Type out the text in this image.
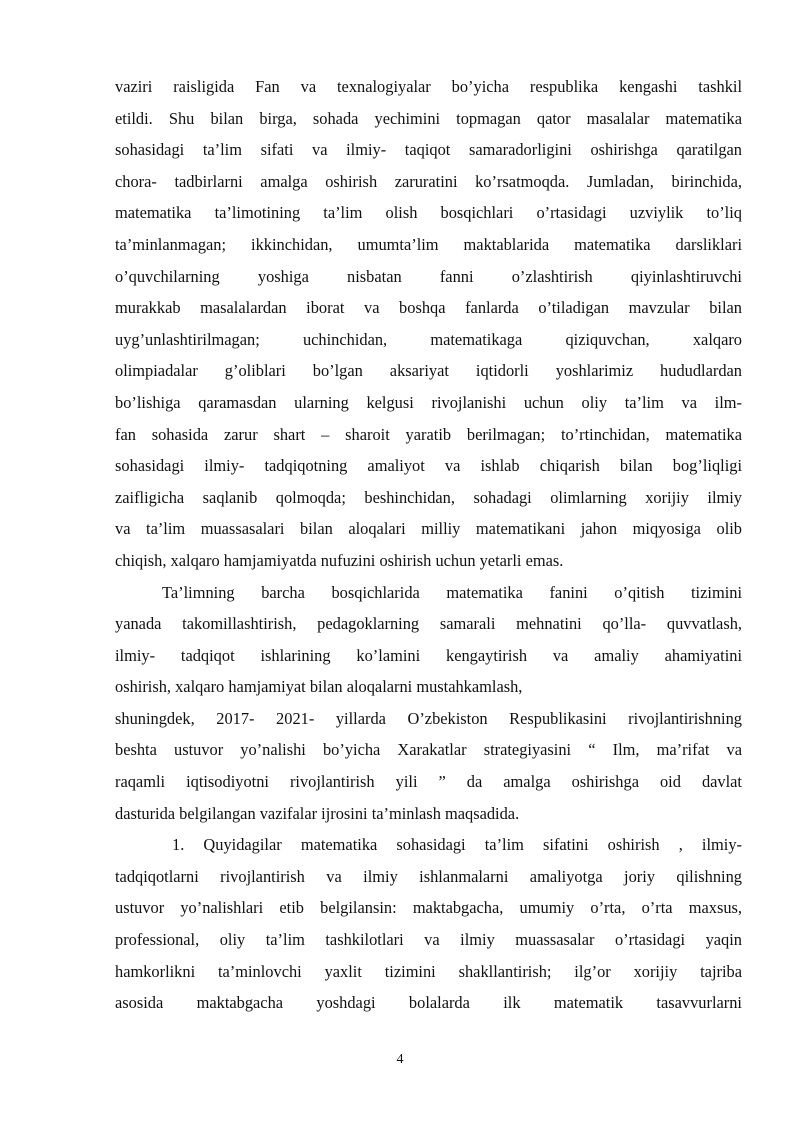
vaziri raisligida Fan va texnalogiyalar bo’yicha respublika kengashi tashkil
etildi. Shu bilan birga, sohada yechimini topmagan qator masalalar matematika
sohasidagi ta’lim sifati va ilmiy- taqiqot samaradorligini oshirishga qaratilgan
chora- tadbirlarni amalga oshirish zaruratini ko’rsatmoqda. Jumladan, birinchida,
matematika ta’limotining ta’lim olish bosqichlari o’rtasidagi uzviylik to’liq
ta’minlanmagan; ikkinchidan, umumta’lim maktablarida matematika darsliklari
o’quvchilarning yoshiga nisbatan fanni o’zlashtirish qiyinlashtiruvchi
murakkab masalalardan iborat va boshqa fanlarda o’tiladigan mavzular bilan
uyg’unlashtirilmagan; uchinchidan, matematikaga qiziquvchan, xalqaro
olimpiadalar g’oliblari bo’lgan aksariyat iqtidorli yoshlarimiz hududlardan
bo’lishiga qaramasdan ularning kelgusi rivojlanishi uchun oliy ta’lim va ilm-
fan sohasida zarur shart – sharoit yaratib berilmagan; to’rtinchidan, matematika
sohasidagi ilmiy- tadqiqotning amaliyot va ishlab chiqarish bilan bog’liqligi
zaifligicha saqlanib qolmoqda; beshinchidan, sohadagi olimlarning xorijiy ilmiy
va ta’lim muassasalari bilan aloqalari milliy matematikani jahon miqyosiga olib
chiqish, xalqaro hamjamiyatda nufuzini oshirish uchun yetarli emas.
Ta’limning barcha bosqichlarida matematika fanini o’qitish tizimini
yanada takomillashtirish, pedagoklarning samarali mehnatini qo’lla- quvvatlash,
ilmiy- tadqiqot ishlarining ko’lamini kengaytirish va amaliy ahamiyatini
oshirish, xalqaro hamjamiyat bilan aloqalarni mustahkamlash,
shuningdek, 2017- 2021- yillarda O’zbekiston Respublikasini rivojlantirishning
beshta ustuvor yo’nalishi bo’yicha Xarakatlar strategiyasini “ Ilm, ma’rifat va
raqamli iqtisodiyotni rivojlantirish yili ” da amalga oshirishga oid davlat
dasturida belgilangan vazifalar ijrosini ta’minlash maqsadida.
1. Quyidagilar matematika sohasidagi ta’lim sifatini oshirish , ilmiy-
tadqiqotlarni rivojlantirish va ilmiy ishlanmalarni amaliyotga joriy qilishning
ustuvor yo’nalishlari etib belgilansin: maktabgacha, umumiy o’rta, o’rta maxsus,
professional, oliy ta’lim tashkilotlari va ilmiy muassasalar o’rtasidagi yaqin
hamkorlikni ta’minlovchi yaxlit tizimini shakllantirish; ilg’or xorijiy tajriba
asosida maktabgacha yoshdagi bolalarda ilk matematik tasavvurlarni
4
